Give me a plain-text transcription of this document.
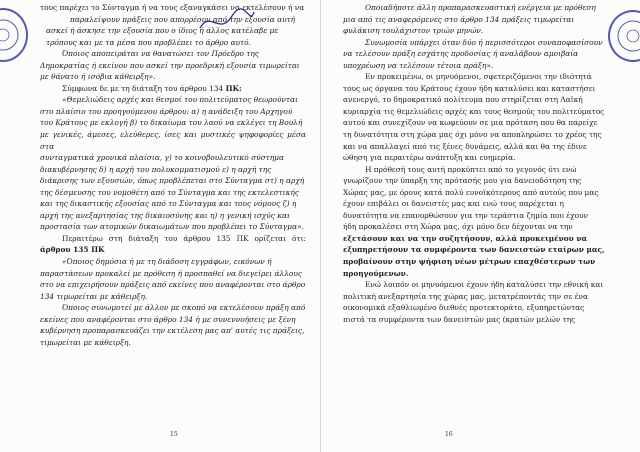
τους παρέχει το Σύνταγμα ή να τους εξαναγκάσει να εκτελέσουν ή να

παραλείψουν πράξεις που απορρέουν από την εξουσία αυτή

ασκεί ή άσκησε την εξουσία που ο ίδιος ή άλλος κατέλαβε με

τρόπους και με τα μέσα που προβλέπει το άρθρο αυτό.

Όποιος αποπειράται να θανατώσει τον Πρόεδρο της

Δημοκρατίας ή εκείνον που ασκεί την προεδρική εξουσία τιμωρείται

με θάνατο ή ισόβια κάθειρξη».

Σύμφωνα δε με τη διάταξη του άρθρου 134 ΠΚ:

«Θεμελιώδεις αρχές και θεσμοί του πολιτεύματος θεωρούνται

στο πλαίσιο του προηγούμενου άρθρου: α) η ανάδειξη του Αρχηγού

του Κράτους με εκλογή β) το δικαίωμα του λαού να εκλέγει τη Βουλή

με γενικές, άμεσες, ελεύθερες, ίσες και μυστικές ψηφοφορίες μέσα στα

συνταγματικά χρονικά πλαίσια, γ) το κοινοβουλευτικό σύστημα

διακυβέρνησης δ) η αρχή του πολυκομματισμού ε) η αρχή της

διάκρισης των εξουσιών, όπως προβλέπεται στο Σύνταγμα στ) η αρχή

της δέσμευσης του νομοθέτη από το Σύνταγμα και της εκτελεστικής

και της δικαστικής εξουσίας από το Σύνταγμα και τους νόμους ζ) η

αρχή της ανεξαρτησίας της δικαιοσύνης και η) η γενική ισχύς και

προστασία των ατομικών δικαιωμάτων που προβλέπει το Σύνταγμα».

Περαιτέρω στη διάταξη του άρθρου 135 ΠΚ ορίζεται ότι: άρθρου 135 ΠΚ

«Όποιος δημόσια ή με τη διάδοση εγγράφων, εικόνων ή

παραστάσεων προκαλεί με πρόθεση ή προσπαθεί να διεγείρει άλλους

στο να επιχειρήσουν πράξεις από εκείνες που αναφέρονται στο άρθρο

134 τιμωρείται με κάθειρξη.

Όποιος συνωμοτεί με άλλον με σκοπό να εκτελέσουν πράξη από

εκείνες που αναφέρονται στο άρθρο 134 ή με συνεννοήσεις με ξένη

κυβέρνηση προπαρασκευάζει την εκτέλεση μας απ' αυτές τις πράξεις,

τιμωρείται με κάθειρξη.

15

Οποιαδήποτε άλλη προπαρασκευαστική ενέργεια με πρόθεση

μια από τις αναφερόμενες στο άρθρο 134 πράξεις τιμωρείται

φυλάκιση τουλάχιστον τριών μηνών.

Συνωμοσία υπάρχει όταν δύο ή περισσότεροι συναποφασίσουν

να τελέσουν πράξη εσχάτης προδοσίας ή αναλάβουν αμοιβαία

υποχρέωση να τελέσουν τέτοια πράξη».

Εν προκειμένω, οι μηνυόμενοι, σφετεριζόμενοι την ιδιότητά

τους ως όργανα του Κράτους έχουν ήδη καταλύσει και καταστήσει

ανενεργό, το δημοκρατικό πολίτευμα που στηρίζεται στη Λαϊκή

κυριαρχία τις θεμελιώδεις αρχές και τους θεσμούς του πολιτεύματος

αυτού και συνεχίζουν να κωφεύουν σε μια πρόταση που θα παρείχε

τη δυνατότητα στη χώρα μας όχι μόνο να αποπληρώσει το χρέος της

και να απαλλαγεί από τις ξένες δυνάμεις, αλλά και θα της έδινε

ώθηση για περαιτέρω ανάπτυξη και ευημερία.

Η πρόθεσή τους αυτή προκύπτει από το γεγονός ότι ενώ

γνωρίζουν την ύπαρξη της πρότασής μου για δανειοδότηση της

Χώρας μας, με όρους κατά πολύ ευνοϊκότερους από αυτούς που μας

έχουν επιβάλει οι δανειστές μας και ενώ τους παρέχεται η

δυνατότητα να επανορθώσουν για την τεράστια ζημία που έχουν

ήδη προκαλέσει στη Χώρα μας, όχι μόνο δεν δέχονται να την

εξετάσουν και να την συζητήσουν, αλλά προκειμένου να

εξυπηρετήσουν τα συμφέροντα των δανειστών εταίρων μας,

προβαίνουν στην ψήφιση νέων μέτρων επαχθέστερων των

προηγούμενων.

Ενώ λοιπόν οι μηνυόμενοι έχουν ήδη καταλύσει την εθνική και

πολιτική ανεξαρτησία της χώρας μας, μετατρέποντάς την σε ένα

οικονομικά εξαθλιωμένο διεθνές προτεκτοράτο, εξυπηρετώντας

πιστά τα συμφέροντα των δανειστών μας (κρατών μελών της

16
